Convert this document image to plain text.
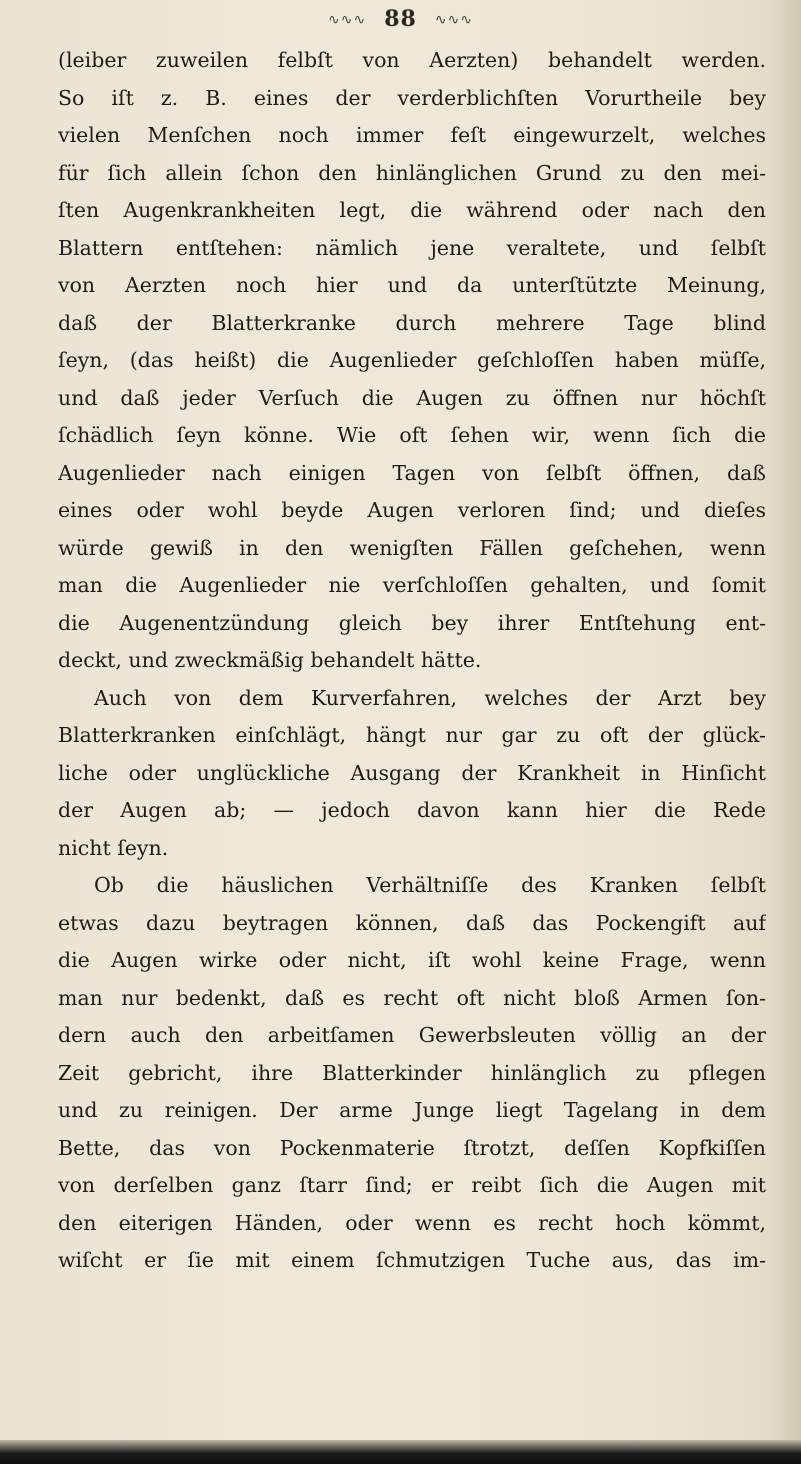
∿∿∿ 88 ∿∿∿
(leiber zuweilen felbſt von Aerzten) behandelt werden.
So iſt z. B. eines der verderblichſten Vorurtheile bey
vielen Menſchen noch immer feſt eingewurzelt, welches
für ſich allein ſchon den hinlänglichen Grund zu den mei-
ſten Augenkrankheiten legt, die während oder nach den
Blattern entſtehen: nämlich jene veraltete, und ſelbſt
von Aerzten noch hier und da unterſtützte Meinung,
daß der Blatterkranke durch mehrere Tage blind
ſeyn, (das heißt) die Augenlieder geſchloſſen haben müſſe,
und daß jeder Verſuch die Augen zu öffnen nur höchſt
ſchädlich ſeyn könne. Wie oft ſehen wir, wenn ſich die
Augenlieder nach einigen Tagen von ſelbſt öffnen, daß
eines oder wohl beyde Augen verloren ſind; und dieſes
würde gewiß in den wenigſten Fällen geſchehen, wenn
man die Augenlieder nie verſchloſſen gehalten, und ſomit
die Augenentzündung gleich bey ihrer Entſtehung ent-
deckt, und zweckmäßig behandelt hätte.
Auch von dem Kurverfahren, welches der Arzt bey
Blatterkranken einſchlägt, hängt nur gar zu oft der glück-
liche oder unglückliche Ausgang der Krankheit in Hinſicht
der Augen ab; — jedoch davon kann hier die Rede
nicht ſeyn.
Ob die häuslichen Verhältniſſe des Kranken ſelbſt
etwas dazu beytragen können, daß das Pockengift auf
die Augen wirke oder nicht, iſt wohl keine Frage, wenn
man nur bedenkt, daß es recht oft nicht bloß Armen ſon-
dern auch den arbeitſamen Gewerbsleuten völlig an der
Zeit gebricht, ihre Blatterkinder hinlänglich zu pflegen
und zu reinigen. Der arme Junge liegt Tagelang in dem
Bette, das von Pockenmaterie ſtrotzt, deſſen Kopfkiſſen
von derſelben ganz ſtarr ſind; er reibt ſich die Augen mit
den eiterigen Händen, oder wenn es recht hoch kömmt,
wiſcht er ſie mit einem ſchmutzigen Tuche aus, das im-
